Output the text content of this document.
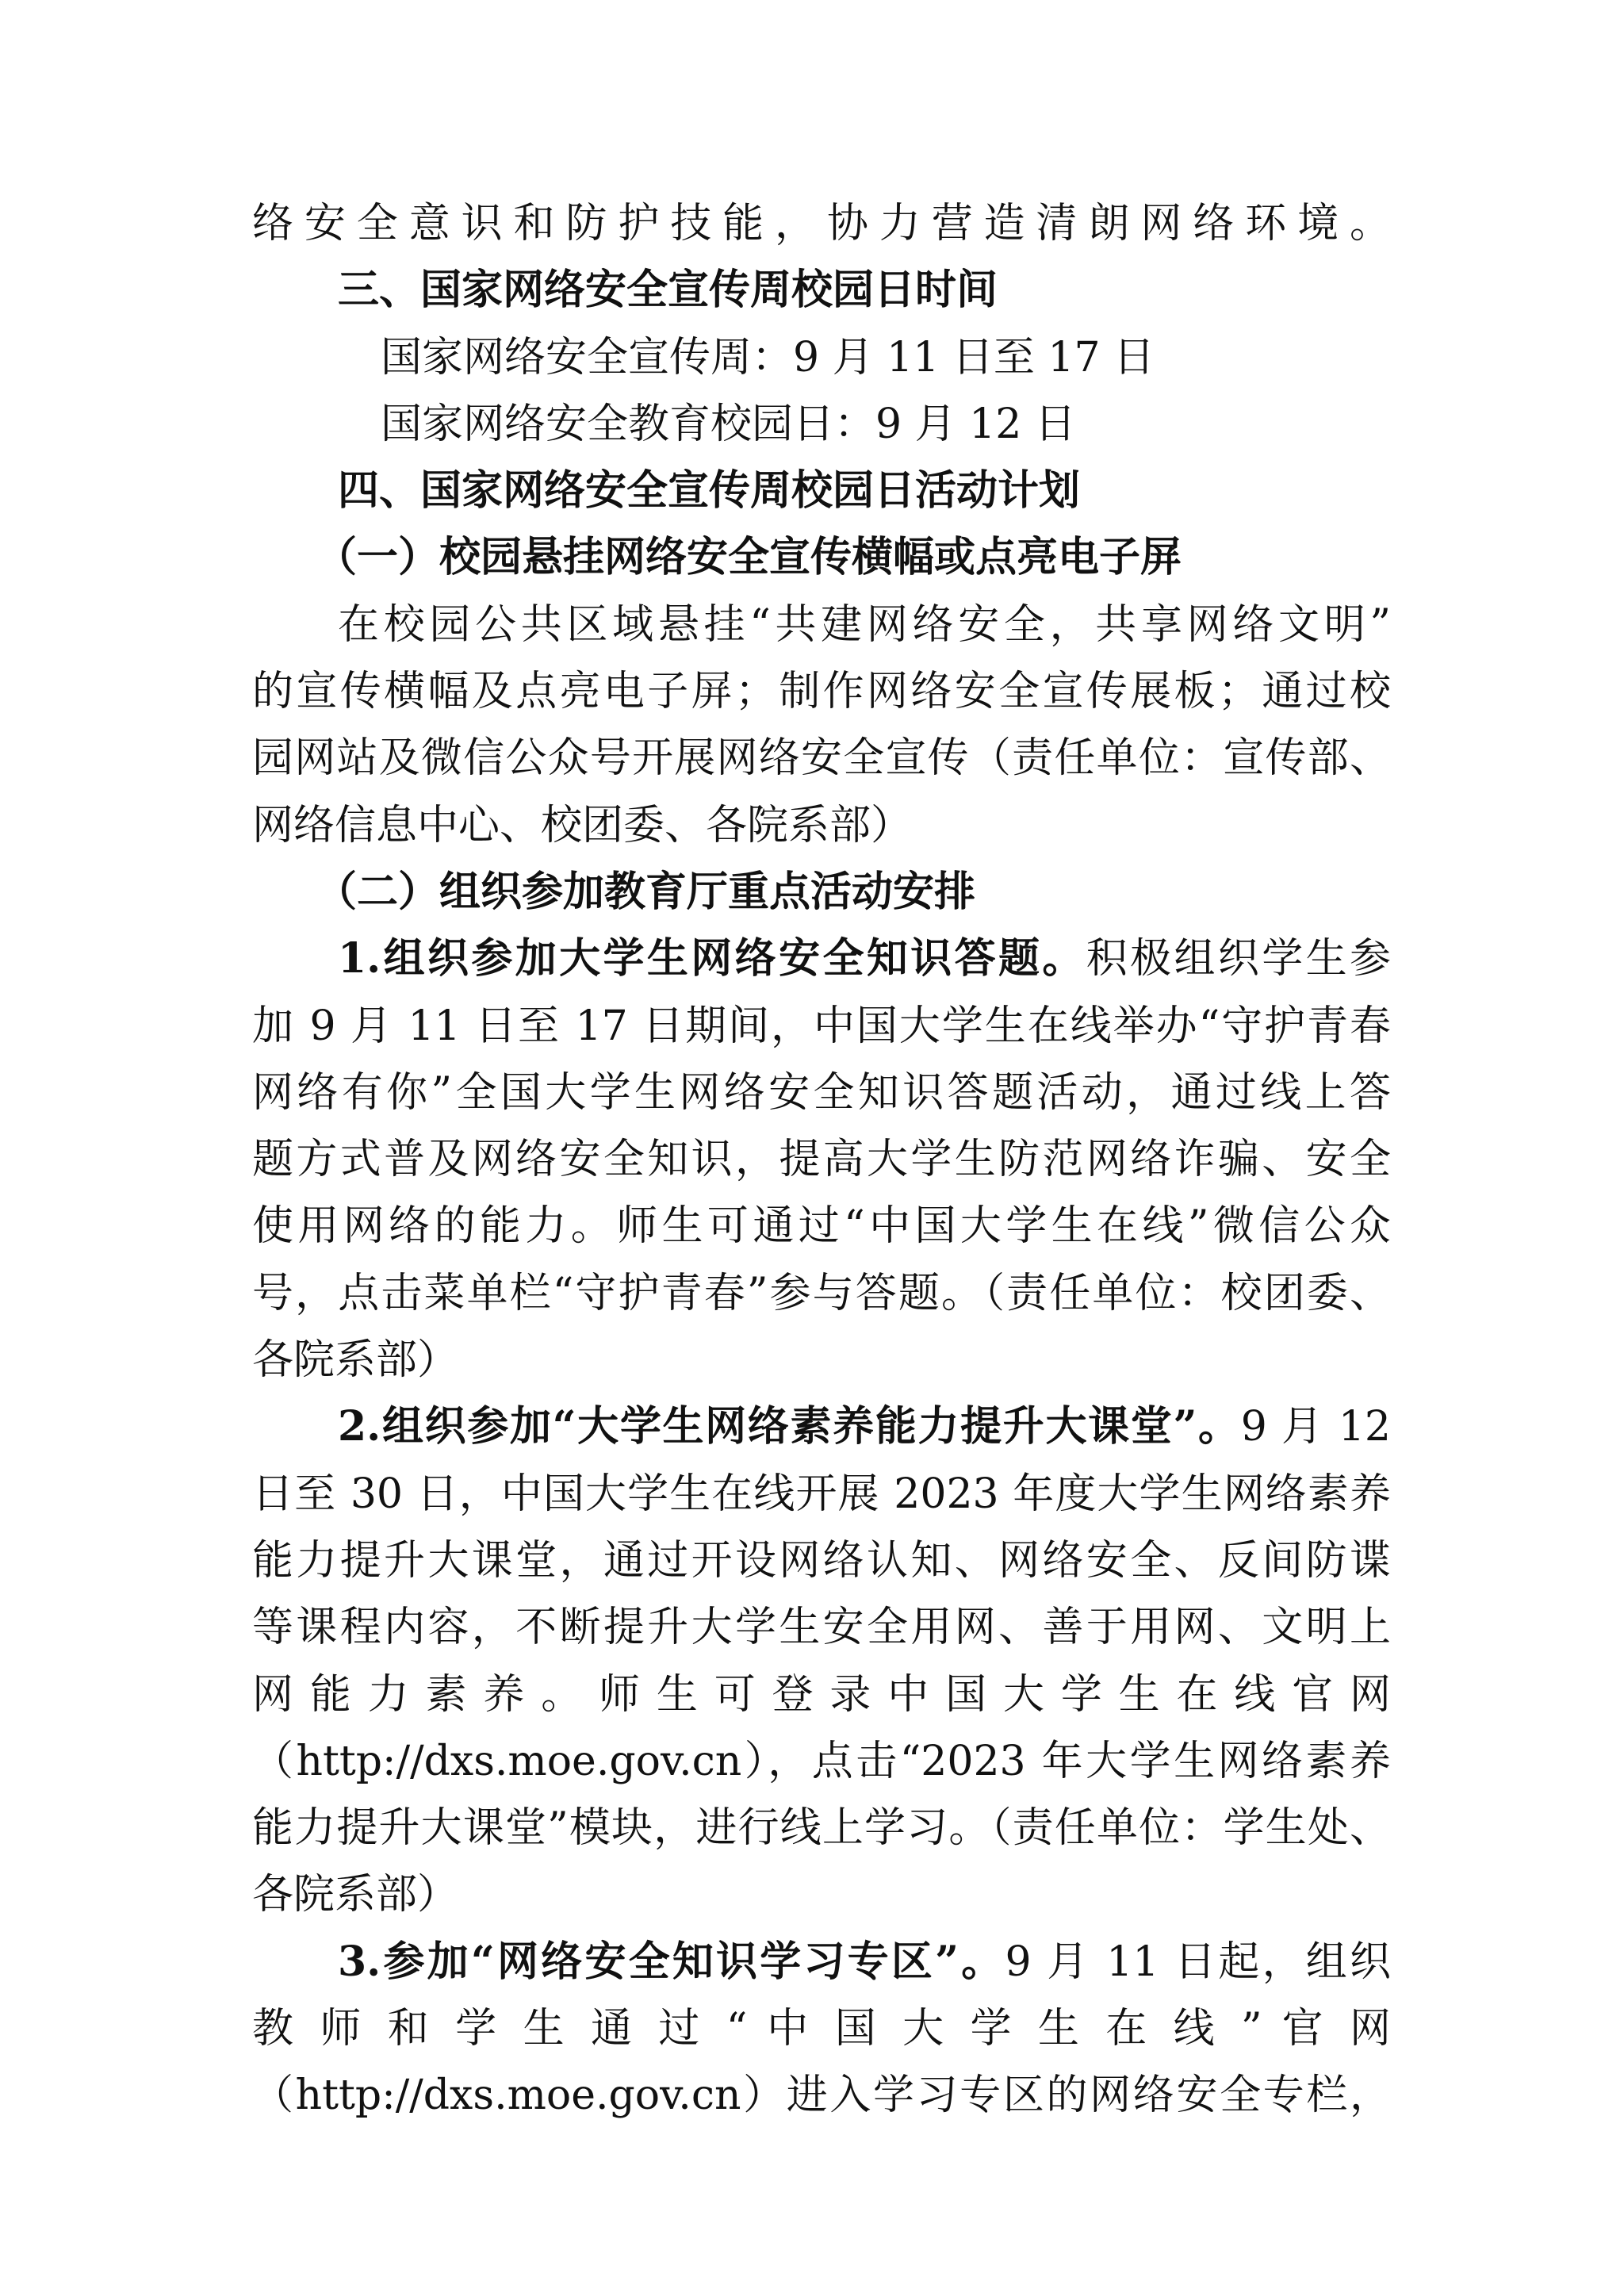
络安全意识和防护技能，协力营造清朗网络环境。
三、国家网络安全宣传周校园日时间
国家网络安全宣传周：9 月 11 日至 17 日
国家网络安全教育校园日：9 月 12 日
四、国家网络安全宣传周校园日活动计划
（一）校园悬挂网络安全宣传横幅或点亮电子屏
在校园公共区域悬挂“共建网络安全，共享网络文明”
的宣传横幅及点亮电子屏；制作网络安全宣传展板；通过校
园网站及微信公众号开展网络安全宣传（责任单位：宣传部、
网络信息中心、校团委、各院系部）
（二）组织参加教育厅重点活动安排
1.组织参加大学生网络安全知识答题。积极组织学生参
加 9 月 11 日至 17 日期间，中国大学生在线举办“守护青春
网络有你”全国大学生网络安全知识答题活动，通过线上答
题方式普及网络安全知识，提高大学生防范网络诈骗、安全
使用网络的能力。师生可通过“中国大学生在线”微信公众
号，点击菜单栏“守护青春”参与答题。（责任单位：校团委、
各院系部）
2.组织参加“大学生网络素养能力提升大课堂”。9 月 12
日至 30 日，中国大学生在线开展 2023 年度大学生网络素养
能力提升大课堂，通过开设网络认知、网络安全、反间防谍
等课程内容，不断提升大学生安全用网、善于用网、文明上
网 能 力 素 养 。 师 生 可 登 录 中 国 大 学 生 在 线 官 网
（http://dxs.moe.gov.cn），点击“2023 年大学生网络素养
能力提升大课堂”模块，进行线上学习。（责任单位：学生处、
各院系部）
3.参加“网络安全知识学习专区”。9 月 11 日起，组织
教 师 和 学 生 通 过 “ 中 国 大 学 生 在 线 ” 官 网
（http://dxs.moe.gov.cn）进入学习专区的网络安全专栏，
